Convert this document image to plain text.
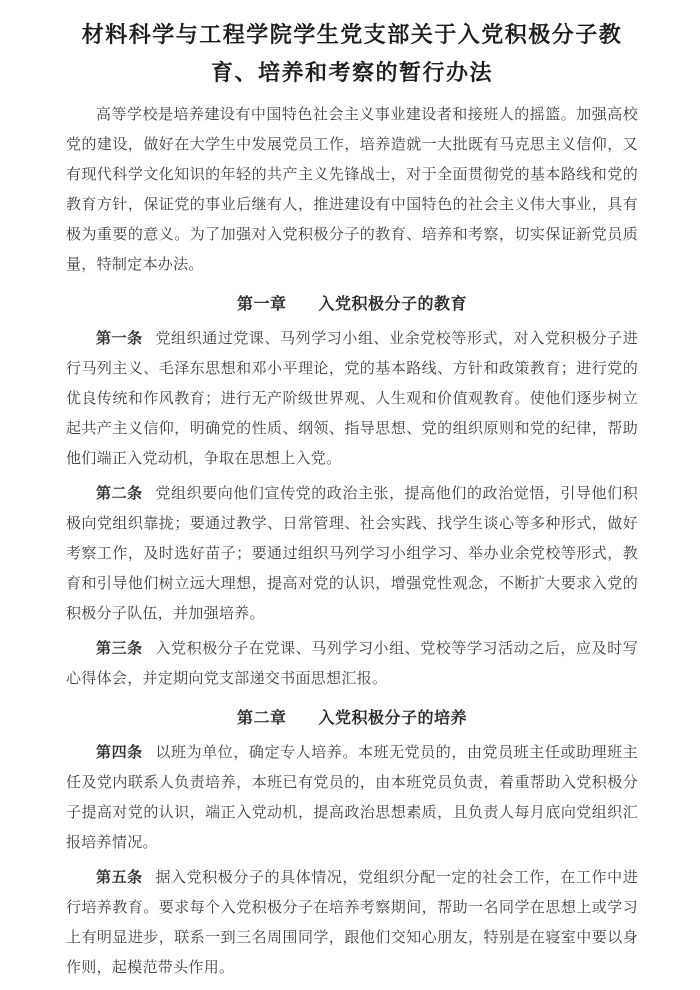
材料科学与工程学院学生党支部关于入党积极分子教
育、培养和考察的暂行办法

高等学校是培养建设有中国特色社会主义事业建设者和接班人的摇篮。加强高校党的建设，做好在大学生中发展党员工作，培养造就一大批既有马克思主义信仰，又有现代科学文化知识的年轻的共产主义先锋战士，对于全面贯彻党的基本路线和党的教育方针，保证党的事业后继有人，推进建设有中国特色的社会主义伟大事业，具有极为重要的意义。为了加强对入党积极分子的教育、培养和考察，切实保证新党员质量，特制定本办法。

第一章 入党积极分子的教育

第一条 党组织通过党课、马列学习小组、业余党校等形式，对入党积极分子进行马列主义、毛泽东思想和邓小平理论，党的基本路线、方针和政策教育；进行党的优良传统和作风教育；进行无产阶级世界观、人生观和价值观教育。使他们逐步树立起共产主义信仰，明确党的性质、纲领、指导思想、党的组织原则和党的纪律，帮助他们端正入党动机，争取在思想上入党。

第二条 党组织要向他们宣传党的政治主张，提高他们的政治觉悟，引导他们积极向党组织靠拢；要通过教学、日常管理、社会实践、找学生谈心等多种形式，做好考察工作，及时选好苗子；要通过组织马列学习小组学习、举办业余党校等形式，教育和引导他们树立远大理想，提高对党的认识，增强党性观念，不断扩大要求入党的积极分子队伍，并加强培养。

第三条 入党积极分子在党课、马列学习小组、党校等学习活动之后，应及时写心得体会，并定期向党支部递交书面思想汇报。

第二章 入党积极分子的培养

第四条 以班为单位，确定专人培养。本班无党员的，由党员班主任或助理班主任及党内联系人负责培养，本班已有党员的，由本班党员负责，着重帮助入党积极分子提高对党的认识，端正入党动机，提高政治思想素质，且负责人每月底向党组织汇报培养情况。

第五条 据入党积极分子的具体情况，党组织分配一定的社会工作，在工作中进行培养教育。要求每个入党积极分子在培养考察期间，帮助一名同学在思想上或学习上有明显进步，联系一到三名周围同学，跟他们交知心朋友，特别是在寝室中要以身作则，起模范带头作用。
